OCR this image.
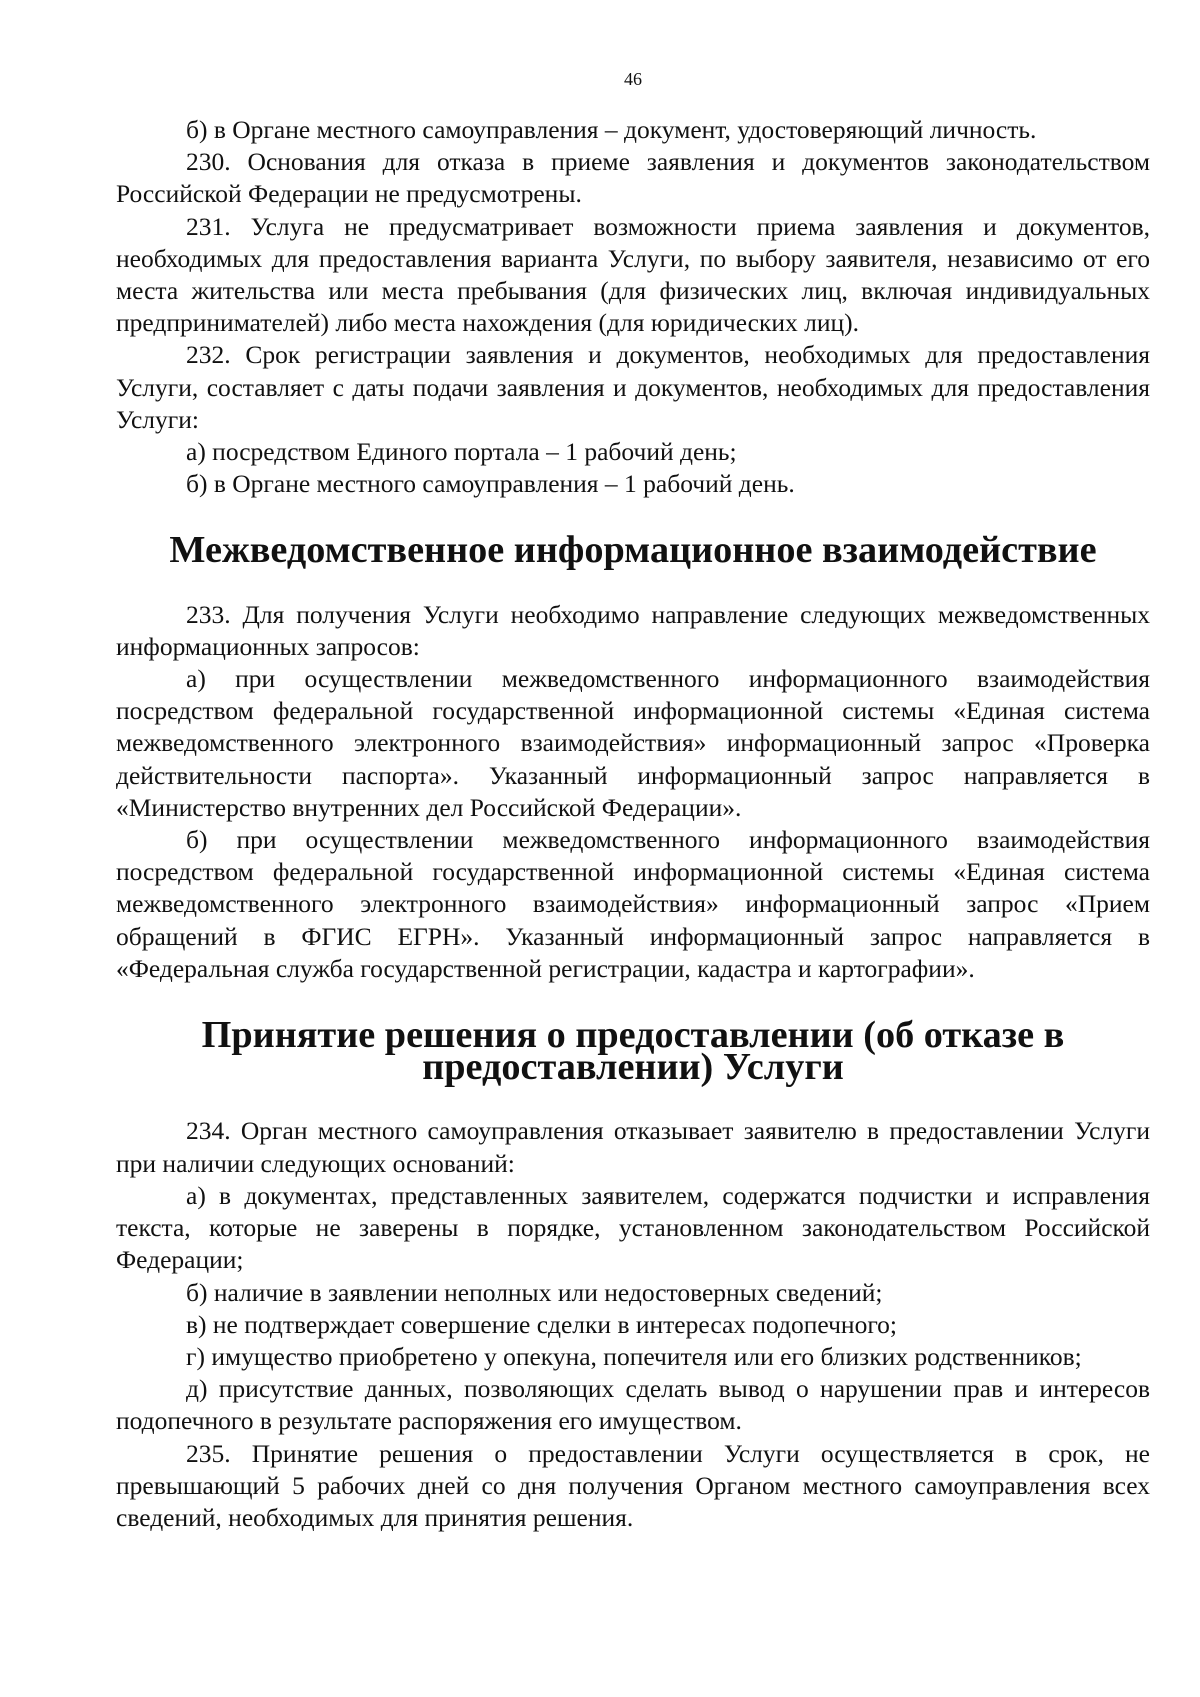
46

б) в Органе местного самоуправления – документ, удостоверяющий личность.

230. Основания для отказа в приеме заявления и документов законодательством Российской Федерации не предусмотрены.

231. Услуга не предусматривает возможности приема заявления и документов, необходимых для предоставления варианта Услуги, по выбору заявителя, независимо от его места жительства или места пребывания (для физических лиц, включая индивидуальных предпринимателей) либо места нахождения (для юридических лиц).

232. Срок регистрации заявления и документов, необходимых для предоставления Услуги, составляет с даты подачи заявления и документов, необходимых для предоставления Услуги:

а) посредством Единого портала – 1 рабочий день;

б) в Органе местного самоуправления – 1 рабочий день.

Межведомственное информационное взаимодействие

233. Для получения Услуги необходимо направление следующих межведомственных информационных запросов:

а) при осуществлении межведомственного информационного взаимодействия посредством федеральной государственной информационной системы «Единая система межведомственного электронного взаимодействия» информационный запрос «Проверка действительности паспорта». Указанный информационный запрос направляется в «Министерство внутренних дел Российской Федерации».

б) при осуществлении межведомственного информационного взаимодействия посредством федеральной государственной информационной системы «Единая система межведомственного электронного взаимодействия» информационный запрос «Прием обращений в ФГИС ЕГРН». Указанный информационный запрос направляется в «Федеральная служба государственной регистрации, кадастра и картографии».

Принятие решения о предоставлении (об отказе в предоставлении) Услуги

234. Орган местного самоуправления отказывает заявителю в предоставлении Услуги при наличии следующих оснований:

а) в документах, представленных заявителем, содержатся подчистки и исправления текста, которые не заверены в порядке, установленном законодательством Российской Федерации;

б) наличие в заявлении неполных или недостоверных сведений;

в) не подтверждает совершение сделки в интересах подопечного;

г) имущество приобретено у опекуна, попечителя или его близких родственников;

д) присутствие данных, позволяющих сделать вывод о нарушении прав и интересов подопечного в результате распоряжения его имуществом.

235. Принятие решения о предоставлении Услуги осуществляется в срок, не превышающий 5 рабочих дней со дня получения Органом местного самоуправления всех сведений, необходимых для принятия решения.
